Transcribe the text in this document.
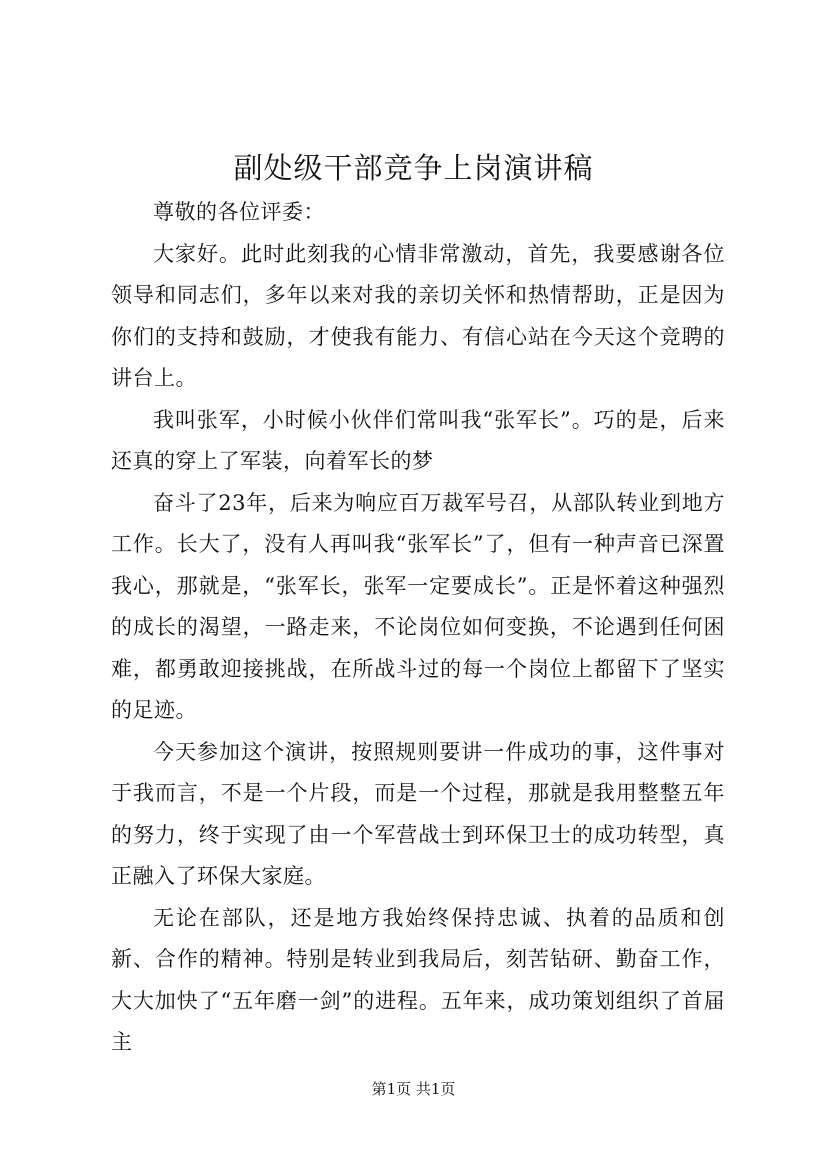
副处级干部竞争上岗演讲稿

尊敬的各位评委：

大家好。此时此刻我的心情非常激动，首先，我要感谢各位领导和同志们，多年以来对我的亲切关怀和热情帮助，正是因为你们的支持和鼓励，才使我有能力、有信心站在今天这个竞聘的讲台上。

我叫张军，小时候小伙伴们常叫我“张军长”。巧的是，后来还真的穿上了军装，向着军长的梦

奋斗了23年，后来为响应百万裁军号召，从部队转业到地方工作。长大了，没有人再叫我“张军长”了，但有一种声音已深置我心，那就是，“张军长，张军一定要成长”。正是怀着这种强烈的成长的渴望，一路走来，不论岗位如何变换，不论遇到任何困难，都勇敢迎接挑战，在所战斗过的每一个岗位上都留下了坚实的足迹。

今天参加这个演讲，按照规则要讲一件成功的事，这件事对于我而言，不是一个片段，而是一个过程，那就是我用整整五年的努力，终于实现了由一个军营战士到环保卫士的成功转型，真正融入了环保大家庭。

无论在部队，还是地方我始终保持忠诚、执着的品质和创新、合作的精神。特别是转业到我局后，刻苦钻研、勤奋工作，大大加快了“五年磨一剑”的进程。五年来，成功策划组织了首届主

第1页 共1页
